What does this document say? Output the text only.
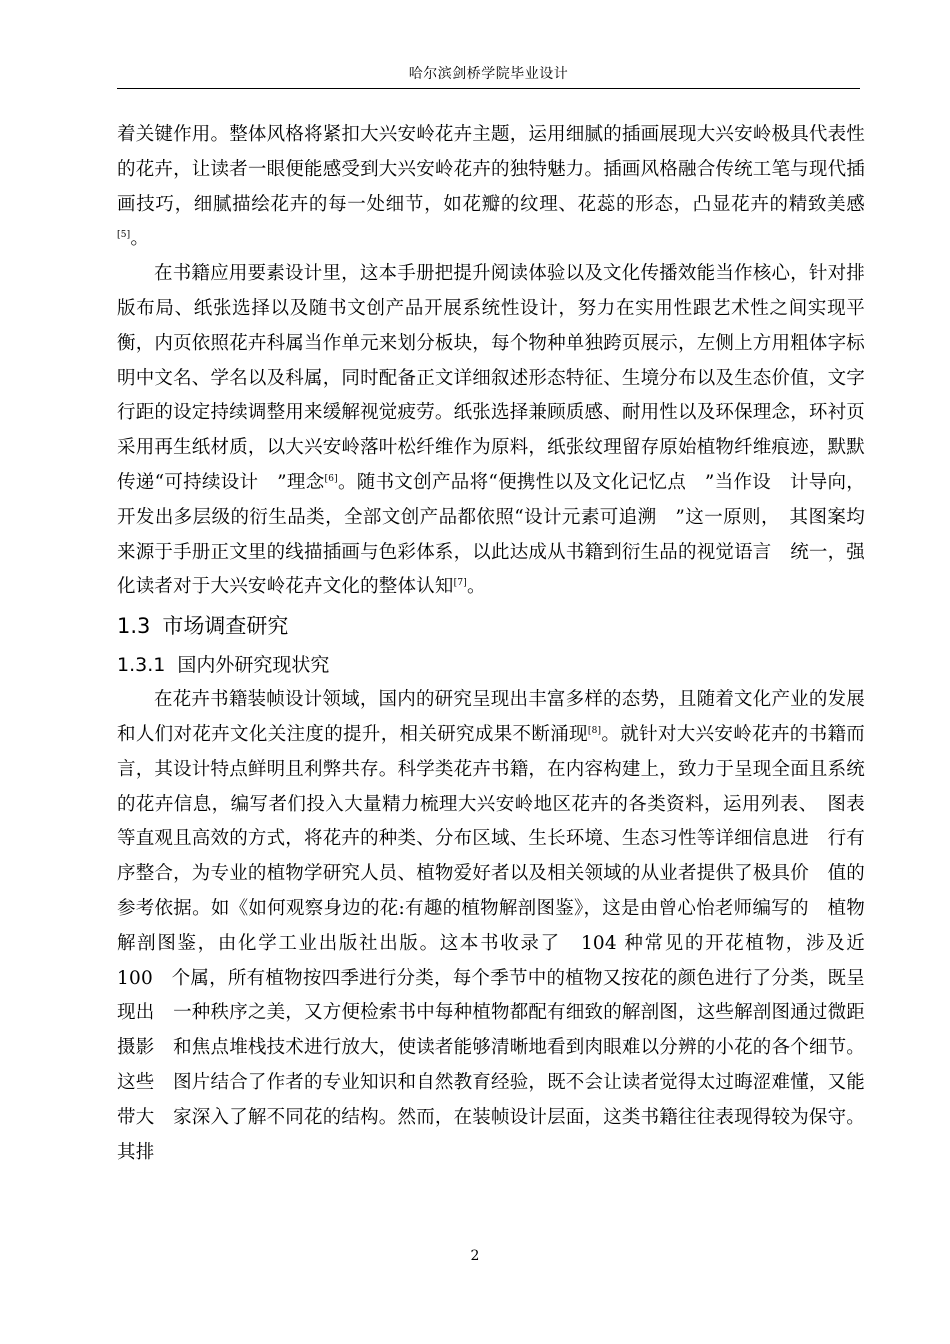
哈尔滨剑桥学院毕业设计

着关键作用。整体风格将紧扣大兴安岭花卉主题，运用细腻的插画展现大兴安岭极具代表性的花卉，让读者一眼便能感受到大兴安岭花卉的独特魅力。插画风格融合传统工笔与现代插画技巧，细腻描绘花卉的每一处细节，如花瓣的纹理、花蕊的形态，凸显花卉的精致美感[5]。

在书籍应用要素设计里，这本手册把提升阅读体验以及文化传播效能当作核心，针对排版布局、纸张选择以及随书文创产品开展系统性设计，努力在实用性跟艺术性之间实现平衡，内页依照花卉科属当作单元来划分板块，每个物种单独跨页展示，左侧上方用粗体字标明中文名、学名以及科属，同时配备正文详细叙述形态特征、生境分布以及生态价值，文字行距的设定持续调整用来缓解视觉疲劳。纸张选择兼顾质感、耐用性以及环保理念，环衬页采用再生纸材质，以大兴安岭落叶松纤维作为原料，纸张纹理留存原始植物纤维痕迹，默默传递“可持续设计　”理念[6]。随书文创产品将“便携性以及文化记忆点　”当作设　计导向，开发出多层级的衍生品类，全部文创产品都依照“设计元素可追溯　”这一原则，　其图案均来源于手册正文里的线描插画与色彩体系，以此达成从书籍到衍生品的视觉语言　统一，强化读者对于大兴安岭花卉文化的整体认知[7]。

1.3 市场调查研究
1.3.1 国内外研究现状究

在花卉书籍装帧设计领域，国内的研究呈现出丰富多样的态势，且随着文化产业的发展和人们对花卉文化关注度的提升，相关研究成果不断涌现[8]。就针对大兴安岭花卉的书籍而言，其设计特点鲜明且利弊共存。科学类花卉书籍，在内容构建上，致力于呈现全面且系统的花卉信息，编写者们投入大量精力梳理大兴安岭地区花卉的各类资料，运用列表、　图表等直观且高效的方式，将花卉的种类、分布区域、生长环境、生态习性等详细信息进　行有序整合，为专业的植物学研究人员、植物爱好者以及相关领域的从业者提供了极具价　值的参考依据。如《如何观察身边的花:有趣的植物解剖图鉴》，这是由曾心怡老师编写的　植物解剖图鉴，由化学工业出版社出版。这本书收录了　104 种常见的开花植物，涉及近　100　个属，所有植物按四季进行分类，每个季节中的植物又按花的颜色进行了分类，既呈现出　一种秩序之美，又方便检索书中每种植物都配有细致的解剖图，这些解剖图通过微距摄影　和焦点堆栈技术进行放大，使读者能够清晰地看到肉眼难以分辨的小花的各个细节。这些　图片结合了作者的专业知识和自然教育经验，既不会让读者觉得太过晦涩难懂，又能带大　家深入了解不同花的结构。然而，在装帧设计层面，这类书籍往往表现得较为保守。其排

2
